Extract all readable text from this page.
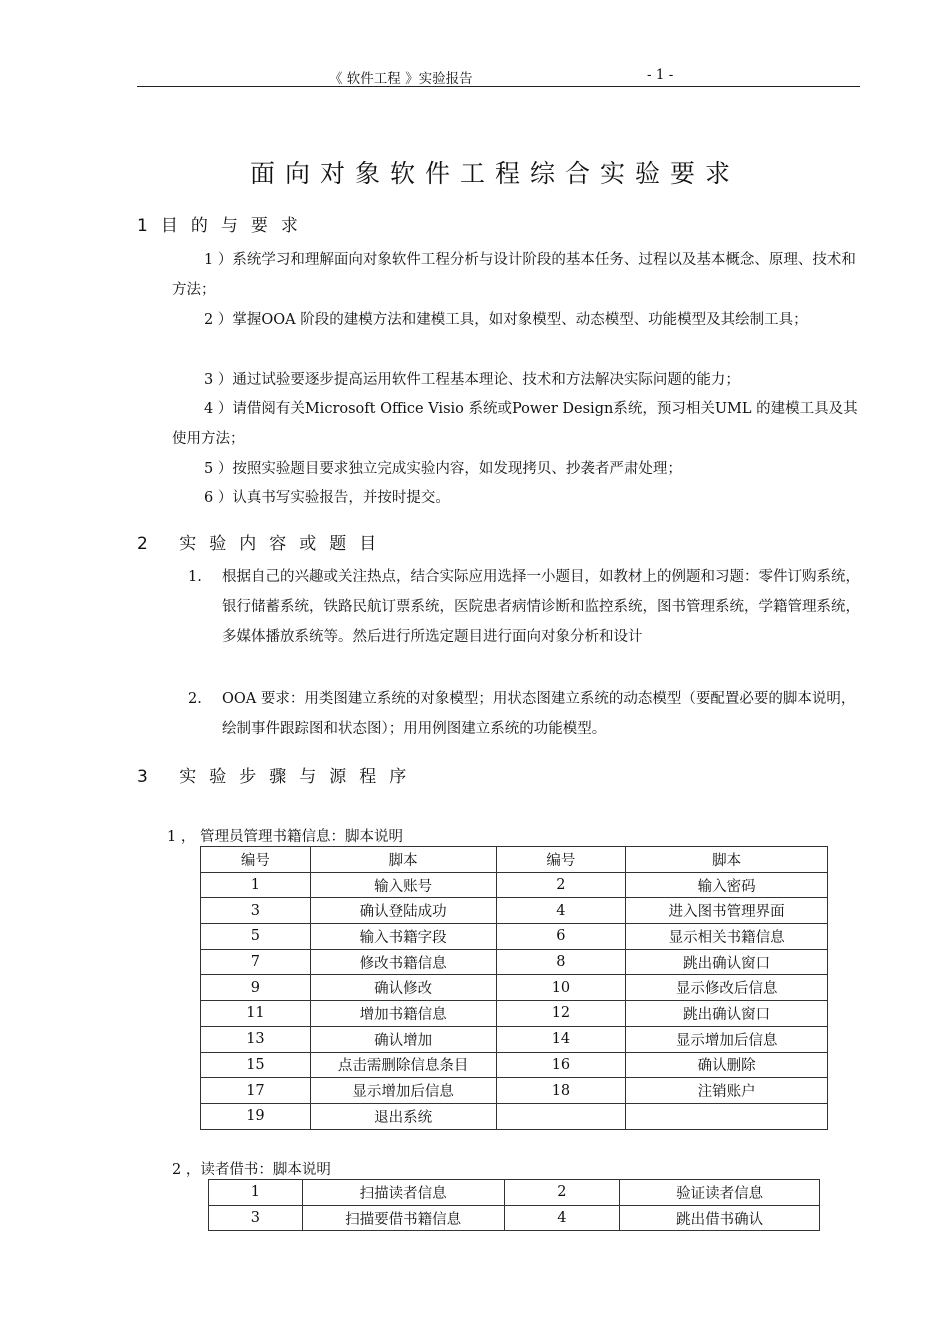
《 软件工程 》实验报告	- 1 -
面向对象软件工程综合实验要求
1目的与要求
1 ）系统学习和理解面向对象软件工程分析与设计阶段的基本任务、过程以及基本概念、原理、技术和方法；
2 ）掌握OOA 阶段的建模方法和建模工具，如对象模型、动态模型、功能模型及其绘制工具；
3 ）通过试验要逐步提高运用软件工程基本理论、技术和方法解决实际问题的能力；
4 ）请借阅有关Microsoft Office Visio 系统或Power Design系统，预习相关UML 的建模工具及其使用方法；
5 ）按照实验题目要求独立完成实验内容，如发现拷贝、抄袭者严肃处理；
6 ）认真书写实验报告，并按时提交。
2 实验内容或题目
1. 根据自己的兴趣或关注热点，结合实际应用选择一小题目，如教材上的例题和习题：零件订购系统，银行储蓄系统，铁路民航订票系统，医院患者病情诊断和监控系统，图书管理系统，学籍管理系统，多媒体播放系统等。然后进行所选定题目进行面向对象分析和设计
2. OOA 要求：用类图建立系统的对象模型；用状态图建立系统的动态模型（要配置必要的脚本说明，绘制事件跟踪图和状态图）；用用例图建立系统的功能模型。
3 实验步骤与源程序
1 ， 管理员管理书籍信息：脚本说明
编号	脚本	编号	脚本
1	输入账号	2	输入密码
3	确认登陆成功	4	进入图书管理界面
5	输入书籍字段	6	显示相关书籍信息
7	修改书籍信息	8	跳出确认窗口
9	确认修改	10	显示修改后信息
11	增加书籍信息	12	跳出确认窗口
13	确认增加	14	显示增加后信息
15	点击需删除信息条目	16	确认删除
17	显示增加后信息	18	注销账户
19	退出系统		
2 ，读者借书：脚本说明
1	扫描读者信息	2	验证读者信息
3	扫描要借书籍信息	4	跳出借书确认
